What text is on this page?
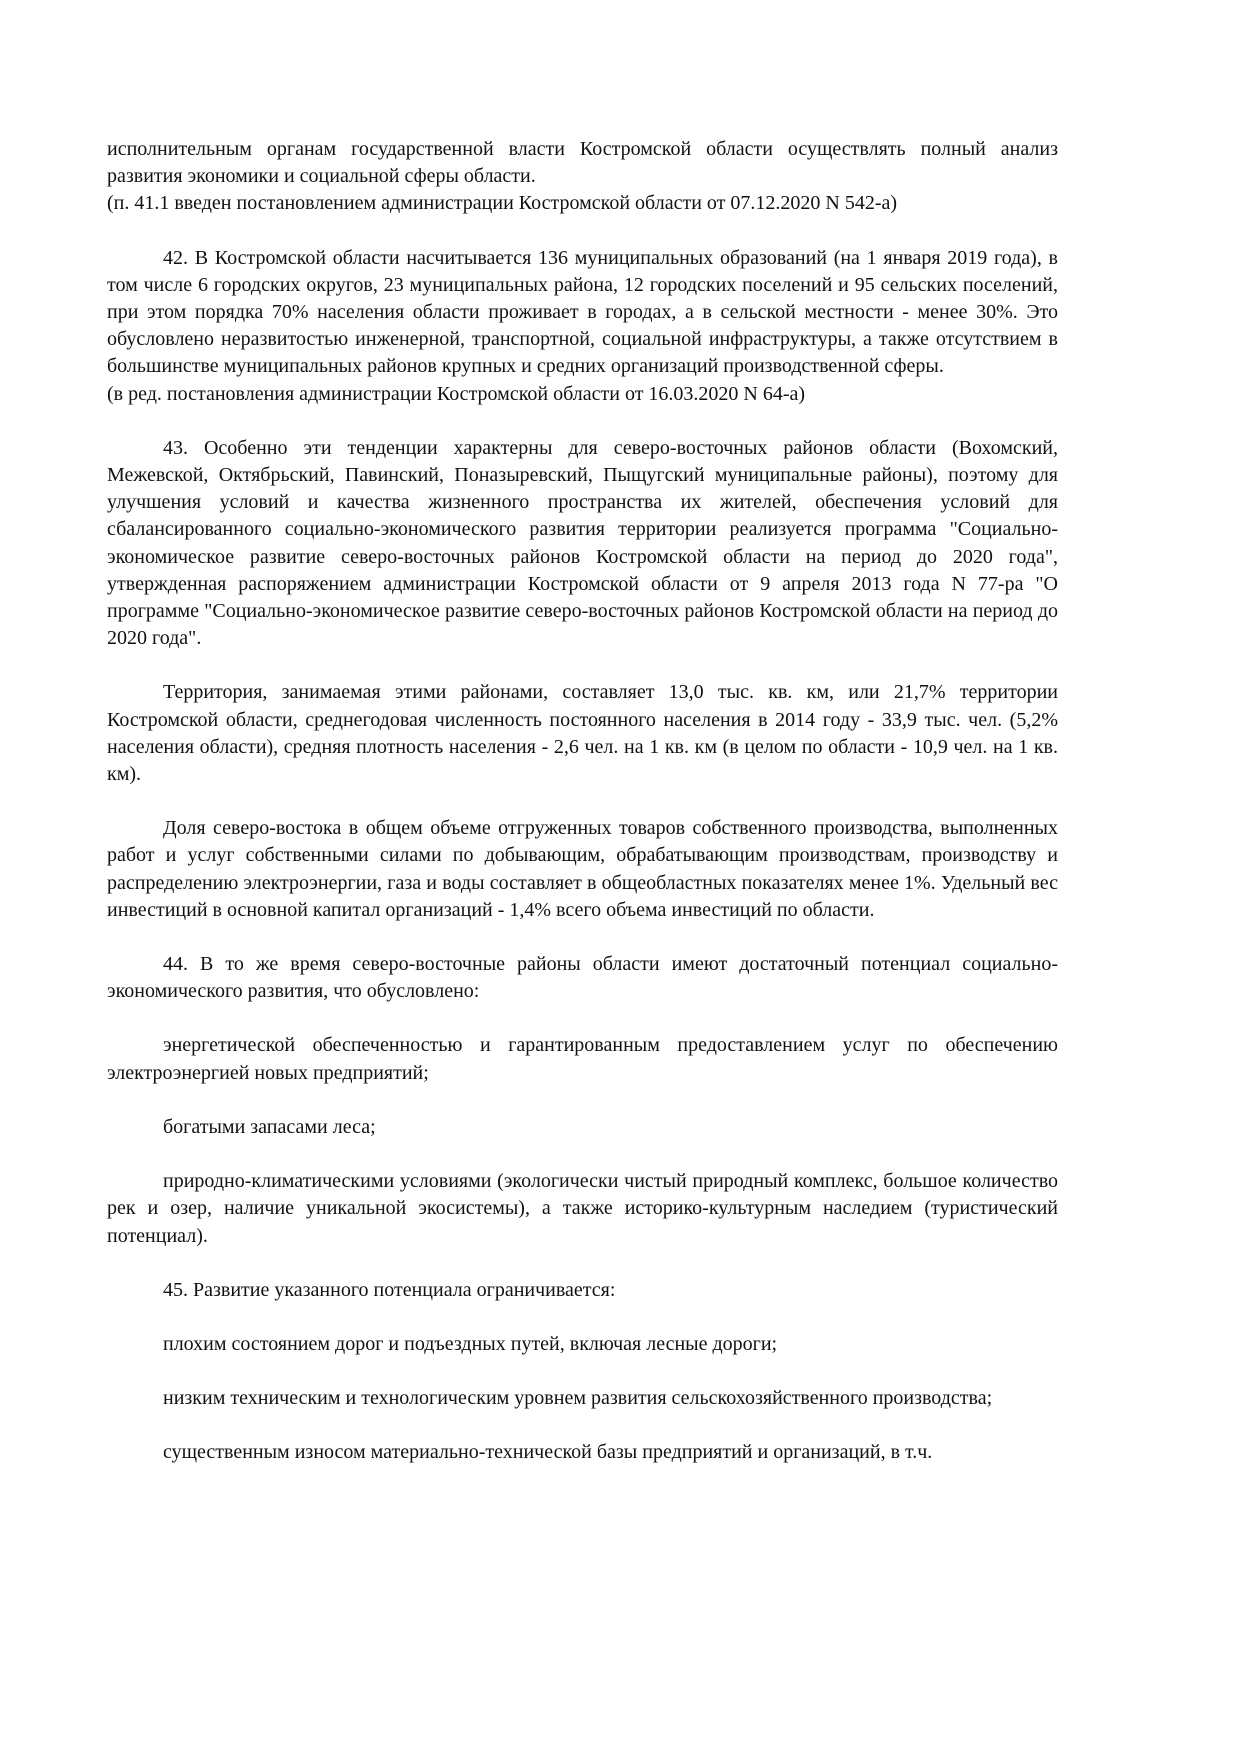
исполнительным органам государственной власти Костромской области осуществлять полный анализ развития экономики и социальной сферы области.

(п. 41.1 введен постановлением администрации Костромской области от 07.12.2020 N 542-а)

42. В Костромской области насчитывается 136 муниципальных образований (на 1 января 2019 года), в том числе 6 городских округов, 23 муниципальных района, 12 городских поселений и 95 сельских поселений, при этом порядка 70% населения области проживает в городах, а в сельской местности - менее 30%. Это обусловлено неразвитостью инженерной, транспортной, социальной инфраструктуры, а также отсутствием в большинстве муниципальных районов крупных и средних организаций производственной сферы.

(в ред. постановления администрации Костромской области от 16.03.2020 N 64-а)

43. Особенно эти тенденции характерны для северо-восточных районов области (Вохомский, Межевской, Октябрьский, Павинский, Поназыревский, Пыщугский муниципальные районы), поэтому для улучшения условий и качества жизненного пространства их жителей, обеспечения условий для сбалансированного социально-экономического развития территории реализуется программа "Социально-экономическое развитие северо-восточных районов Костромской области на период до 2020 года", утвержденная распоряжением администрации Костромской области от 9 апреля 2013 года N 77-ра "О программе "Социально-экономическое развитие северо-восточных районов Костромской области на период до 2020 года".

Территория, занимаемая этими районами, составляет 13,0 тыс. кв. км, или 21,7% территории Костромской области, среднегодовая численность постоянного населения в 2014 году - 33,9 тыс. чел. (5,2% населения области), средняя плотность населения - 2,6 чел. на 1 кв. км (в целом по области - 10,9 чел. на 1 кв. км).

Доля северо-востока в общем объеме отгруженных товаров собственного производства, выполненных работ и услуг собственными силами по добывающим, обрабатывающим производствам, производству и распределению электроэнергии, газа и воды составляет в общеобластных показателях менее 1%. Удельный вес инвестиций в основной капитал организаций - 1,4% всего объема инвестиций по области.

44. В то же время северо-восточные районы области имеют достаточный потенциал социально-экономического развития, что обусловлено:

энергетической обеспеченностью и гарантированным предоставлением услуг по обеспечению электроэнергией новых предприятий;

богатыми запасами леса;

природно-климатическими условиями (экологически чистый природный комплекс, большое количество рек и озер, наличие уникальной экосистемы), а также историко-культурным наследием (туристический потенциал).

45. Развитие указанного потенциала ограничивается:

плохим состоянием дорог и подъездных путей, включая лесные дороги;

низким техническим и технологическим уровнем развития сельскохозяйственного производства;

существенным износом материально-технической базы предприятий и организаций, в т.ч.
